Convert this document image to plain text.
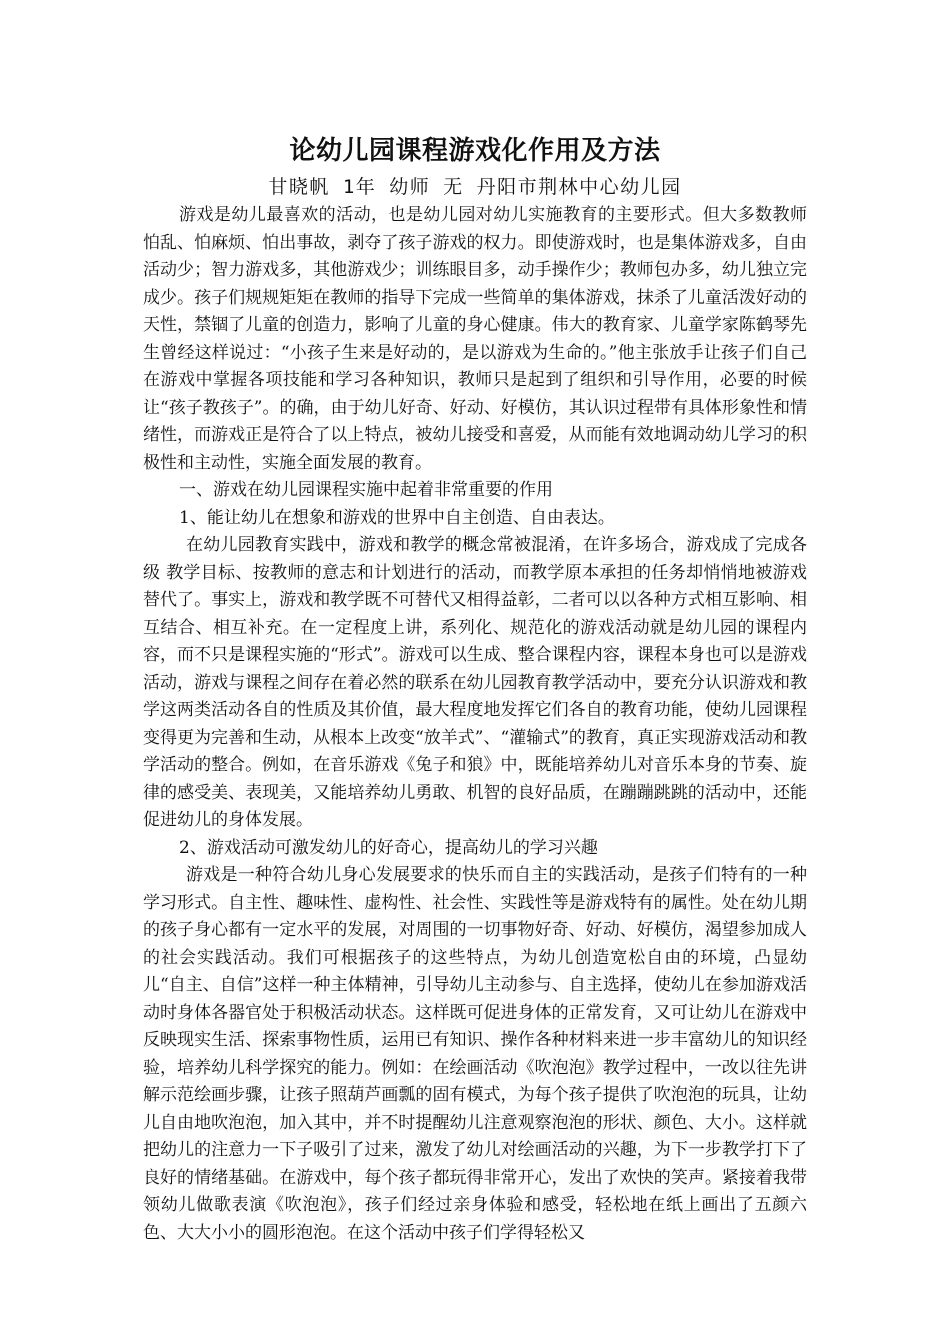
论幼儿园课程游戏化作用及方法
甘晓帆 1年 幼师 无 丹阳市荆林中心幼儿园

游戏是幼儿最喜欢的活动，也是幼儿园对幼儿实施教育的主要形式。但大多数教师怕乱、怕麻烦、怕出事故，剥夺了孩子游戏的权力。即使游戏时，也是集体游戏多，自由活动少；智力游戏多，其他游戏少；训练眼目多，动手操作少；教师包办多，幼儿独立完成少。孩子们规规矩矩在教师的指导下完成一些简单的集体游戏，抹杀了儿童活泼好动的天性，禁锢了儿童的创造力，影响了儿童的身心健康。伟大的教育家、儿童学家陈鹤琴先生曾经这样说过：“小孩子生来是好动的，是以游戏为生命的。”他主张放手让孩子们自己在游戏中掌握各项技能和学习各种知识，教师只是起到了组织和引导作用，必要的时候让“孩子教孩子”。的确，由于幼儿好奇、好动、好模仿，其认识过程带有具体形象性和情绪性，而游戏正是符合了以上特点，被幼儿接受和喜爱，从而能有效地调动幼儿学习的积极性和主动性，实施全面发展的教育。

一、游戏在幼儿园课程实施中起着非常重要的作用

1、能让幼儿在想象和游戏的世界中自主创造、自由表达。

在幼儿园教育实践中，游戏和教学的概念常被混淆，在许多场合，游戏成了完成各级 教学目标、按教师的意志和计划进行的活动，而教学原本承担的任务却悄悄地被游戏替代了。事实上，游戏和教学既不可替代又相得益彰，二者可以以各种方式相互影响、相互结合、相互补充。在一定程度上讲，系列化、规范化的游戏活动就是幼儿园的课程内容，而不只是课程实施的“形式”。游戏可以生成、整合课程内容，课程本身也可以是游戏活动，游戏与课程之间存在着必然的联系在幼儿园教育教学活动中，要充分认识游戏和教学这两类活动各自的性质及其价值，最大程度地发挥它们各自的教育功能，使幼儿园课程变得更为完善和生动，从根本上改变“放羊式”、“灌输式”的教育，真正实现游戏活动和教学活动的整合。例如，在音乐游戏《兔子和狼》中，既能培养幼儿对音乐本身的节奏、旋律的感受美、表现美，又能培养幼儿勇敢、机智的良好品质，在蹦蹦跳跳的活动中，还能促进幼儿的身体发展。

2、游戏活动可激发幼儿的好奇心，提高幼儿的学习兴趣

游戏是一种符合幼儿身心发展要求的快乐而自主的实践活动，是孩子们特有的一种学习形式。自主性、趣味性、虚构性、社会性、实践性等是游戏特有的属性。处在幼儿期的孩子身心都有一定水平的发展，对周围的一切事物好奇、好动、好模仿，渴望参加成人的社会实践活动。我们可根据孩子的这些特点，为幼儿创造宽松自由的环境，凸显幼儿“自主、自信”这样一种主体精神，引导幼儿主动参与、自主选择，使幼儿在参加游戏活动时身体各器官处于积极活动状态。这样既可促进身体的正常发育，又可让幼儿在游戏中反映现实生活、探索事物性质，运用已有知识、操作各种材料来进一步丰富幼儿的知识经验，培养幼儿科学探究的能力。例如：在绘画活动《吹泡泡》教学过程中，一改以往先讲解示范绘画步骤，让孩子照葫芦画瓢的固有模式，为每个孩子提供了吹泡泡的玩具，让幼儿自由地吹泡泡，加入其中，并不时提醒幼儿注意观察泡泡的形状、颜色、大小。这样就把幼儿的注意力一下子吸引了过来，激发了幼儿对绘画活动的兴趣，为下一步教学打下了良好的情绪基础。在游戏中，每个孩子都玩得非常开心，发出了欢快的笑声。紧接着我带领幼儿做歌表演《吹泡泡》，孩子们经过亲身体验和感受，轻松地在纸上画出了五颜六色、大大小小的圆形泡泡。在这个活动中孩子们学得轻松又
